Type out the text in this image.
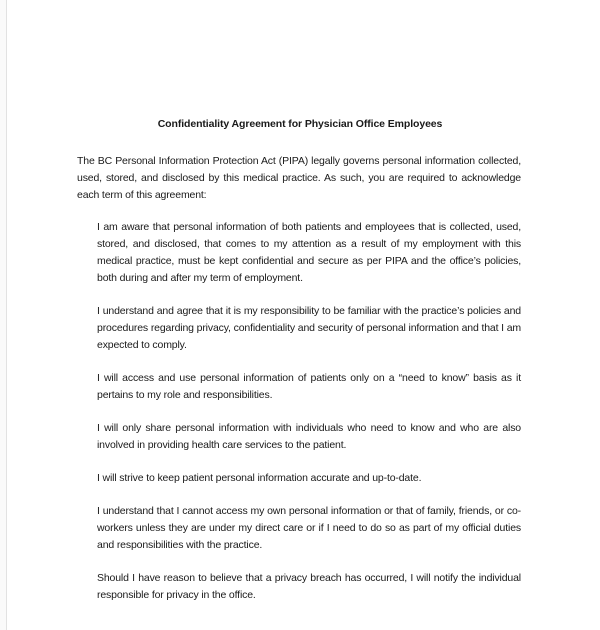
Confidentiality Agreement for Physician Office Employees
The BC Personal Information Protection Act (PIPA) legally governs personal information collected, used, stored, and disclosed by this medical practice. As such, you are required to acknowledge each term of this agreement:
I am aware that personal information of both patients and employees that is collected, used, stored, and disclosed, that comes to my attention as a result of my employment with this medical practice, must be kept confidential and secure as per PIPA and the office’s policies, both during and after my term of employment.
I understand and agree that it is my responsibility to be familiar with the practice’s policies and procedures regarding privacy, confidentiality and security of personal information and that I am expected to comply.
I will access and use personal information of patients only on a “need to know” basis as it pertains to my role and responsibilities.
I will only share personal information with individuals who need to know and who are also involved in providing health care services to the patient.
I will strive to keep patient personal information accurate and up-to-date.
I understand that I cannot access my own personal information or that of family, friends, or co-workers unless they are under my direct care or if I need to do so as part of my official duties and responsibilities with the practice.
Should I have reason to believe that a privacy breach has occurred, I will notify the individual responsible for privacy in the office.
